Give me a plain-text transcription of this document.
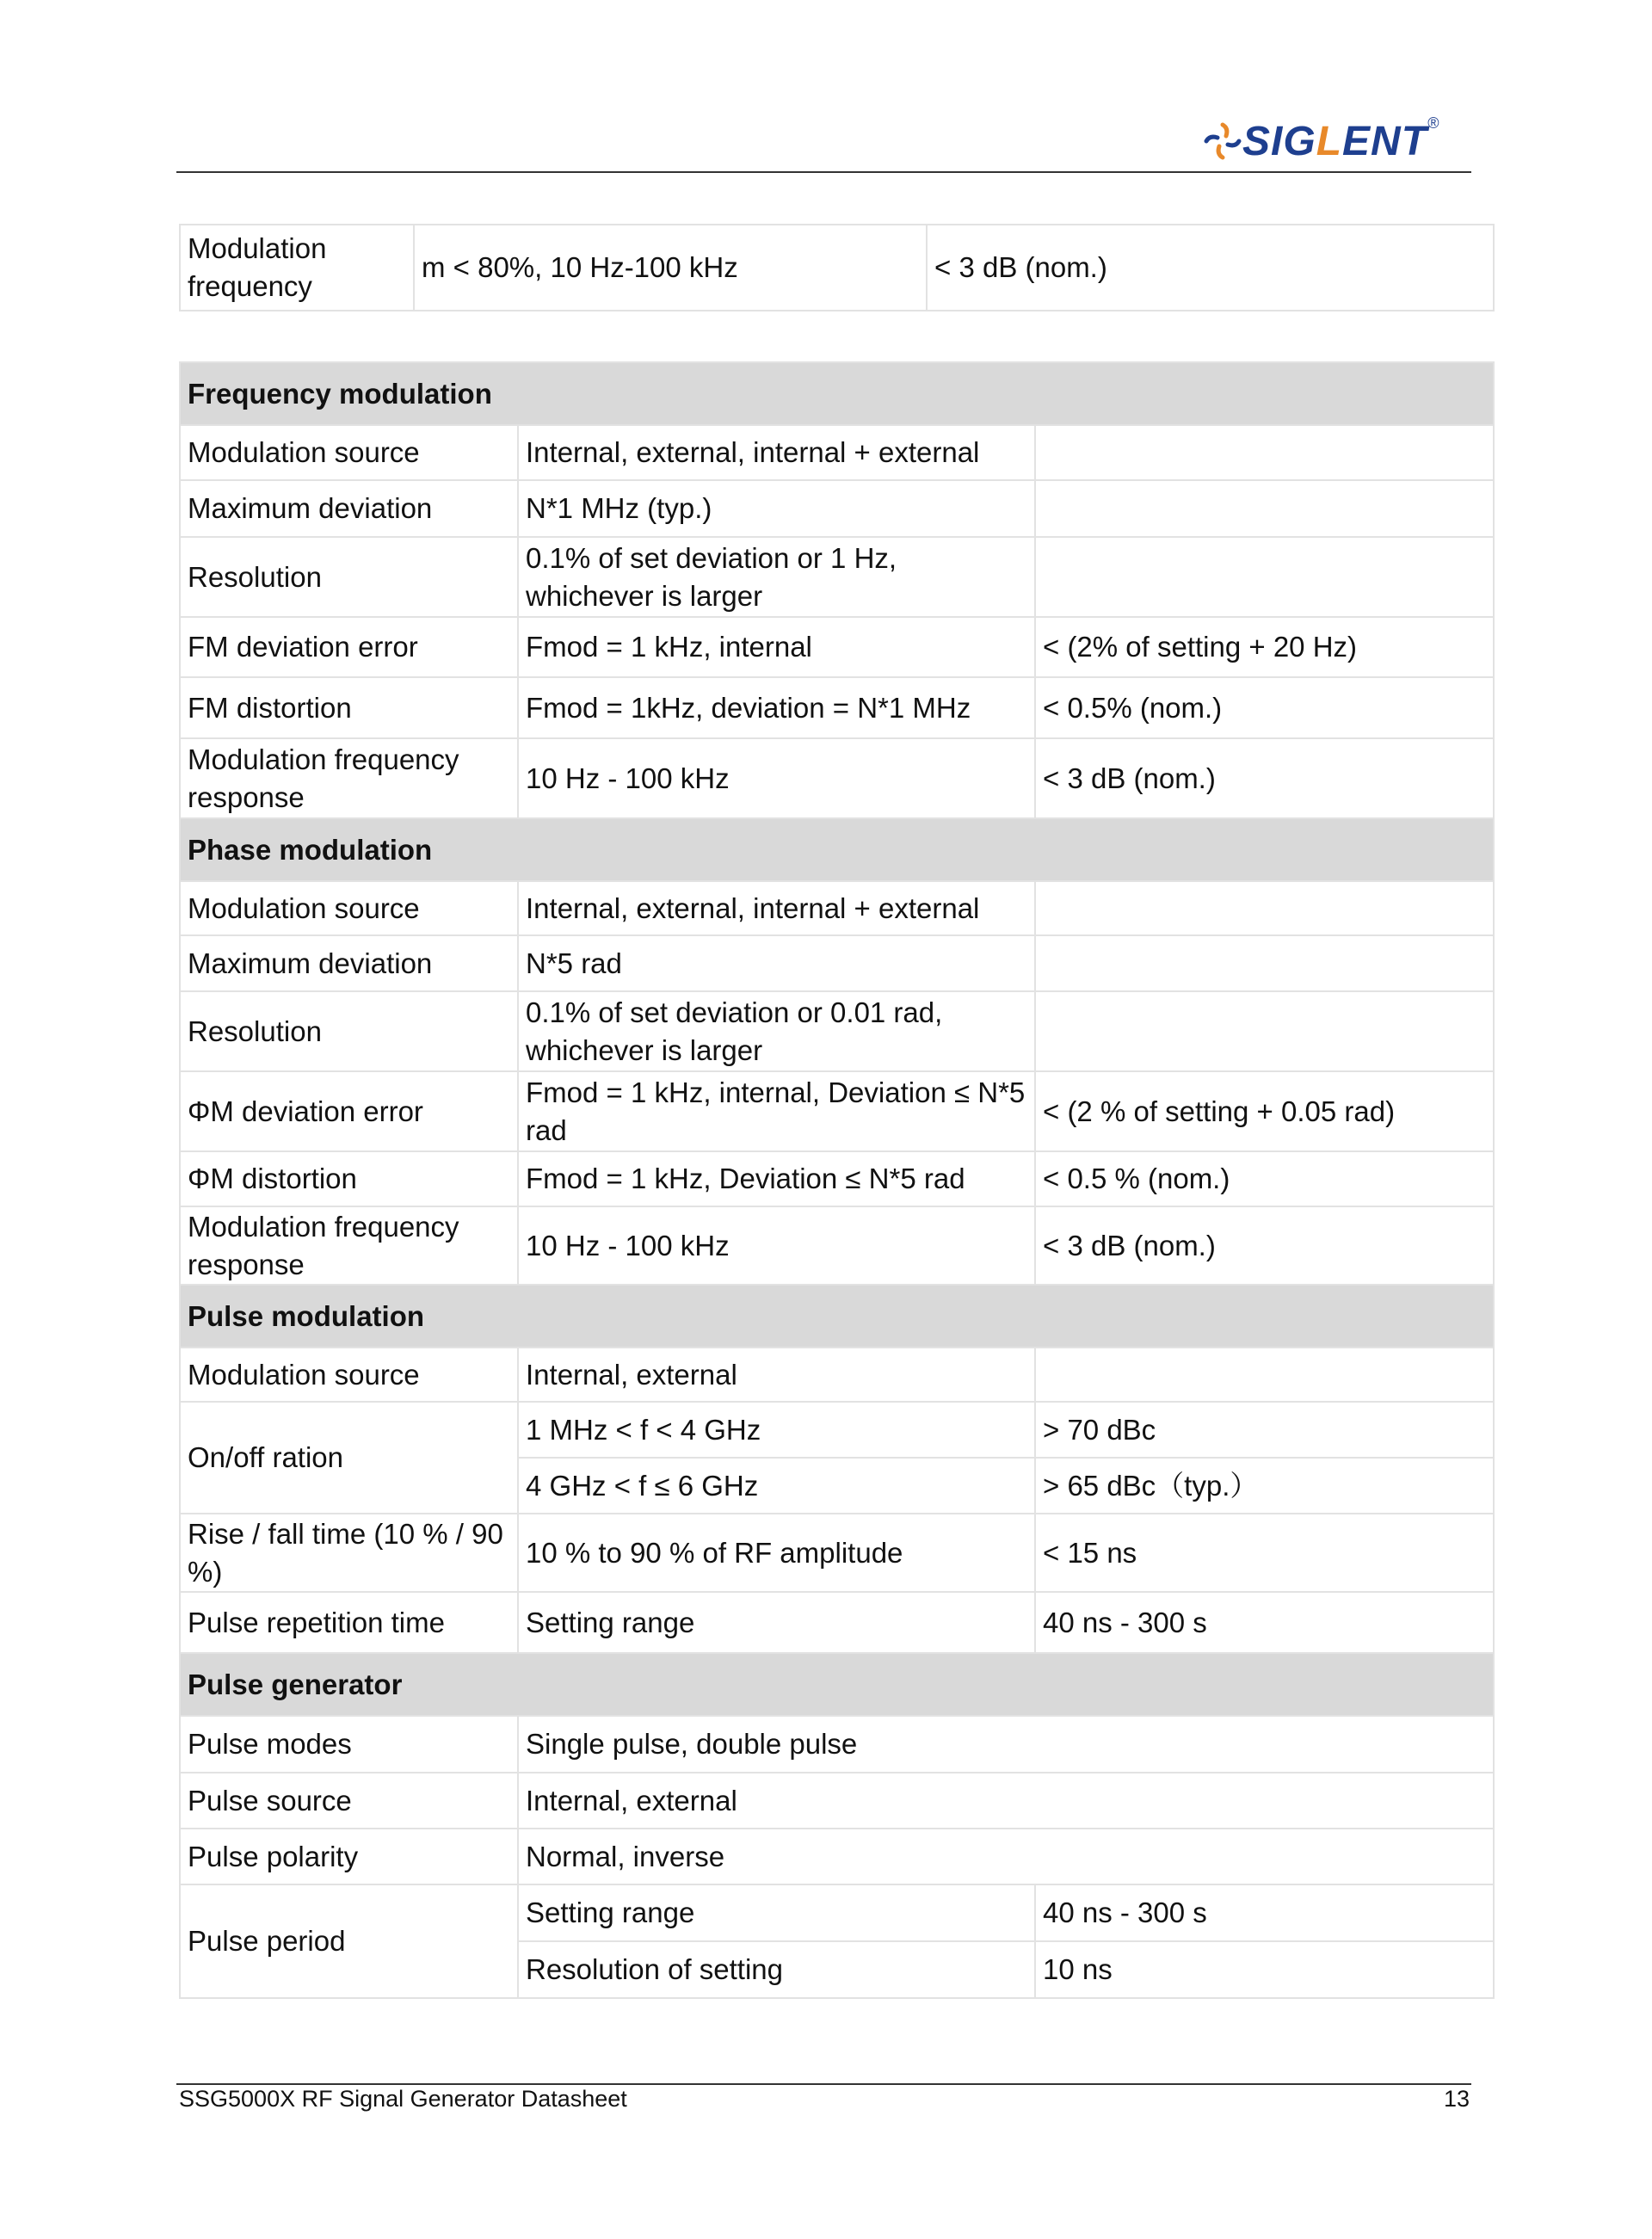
SIGLENT®
Modulation frequency	m < 80%, 10 Hz-100 kHz	< 3 dB (nom.)
Frequency modulation		
Modulation source	Internal, external, internal + external	
Maximum deviation	N*1 MHz (typ.)	
Resolution	0.1% of set deviation or 1 Hz, whichever is larger	
FM deviation error	Fmod = 1 kHz, internal	< (2% of setting + 20 Hz)
FM distortion	Fmod = 1kHz, deviation = N*1 MHz	< 0.5% (nom.)
Modulation frequency response	10 Hz - 100 kHz	< 3 dB (nom.)
Phase modulation		
Modulation source	Internal, external, internal + external	
Maximum deviation	N*5 rad	
Resolution	0.1% of set deviation or 0.01 rad, whichever is larger	
ΦM deviation error	Fmod = 1 kHz, internal, Deviation ≤ N*5 rad	< (2 % of setting + 0.05 rad)
ΦM distortion	Fmod = 1 kHz, Deviation ≤ N*5 rad	< 0.5 % (nom.)
Modulation frequency response	10 Hz - 100 kHz	< 3 dB (nom.)
Pulse modulation		
Modulation source	Internal, external	
On/off ration	1 MHz < f < 4 GHz	> 70 dBc
	4 GHz < f ≤ 6 GHz	> 65 dBc（typ.）
Rise / fall time (10 % / 90 %)	10 % to 90 % of RF amplitude	< 15 ns
Pulse repetition time	Setting range	40 ns - 300 s
Pulse generator		
Pulse modes	Single pulse, double pulse	
Pulse source	Internal, external	
Pulse polarity	Normal, inverse	
Pulse period	Setting range	40 ns - 300 s
	Resolution of setting	10 ns
SSG5000X RF Signal Generator Datasheet	13
